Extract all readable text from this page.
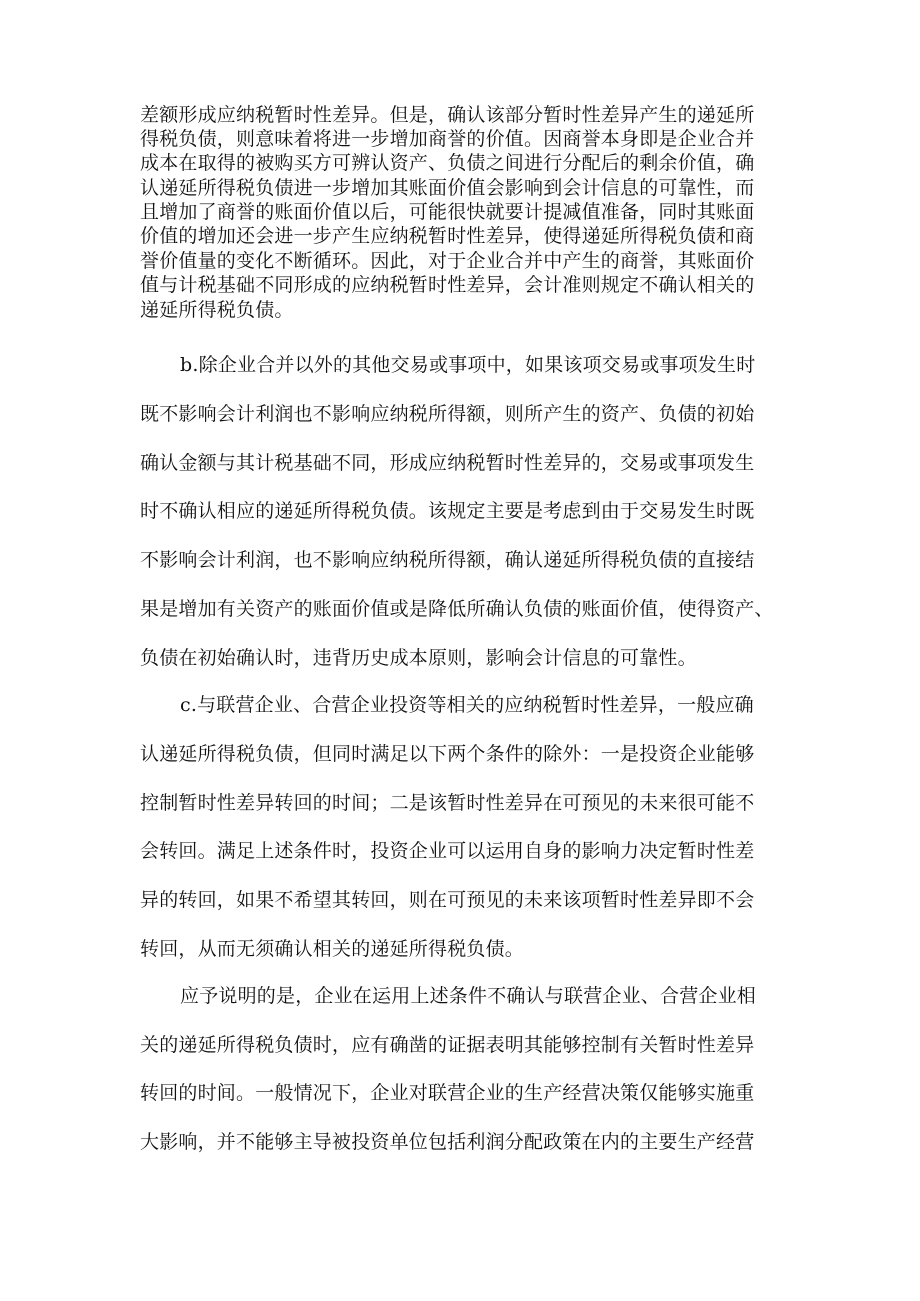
差额形成应纳税暂时性差异。但是，确认该部分暂时性差异产生的递延所
得税负债，则意味着将进一步增加商誉的价值。因商誉本身即是企业合并
成本在取得的被购买方可辨认资产、负债之间进行分配后的剩余价值，确
认递延所得税负债进一步增加其账面价值会影响到会计信息的可靠性，而
且增加了商誉的账面价值以后，可能很快就要计提减值准备，同时其账面
价值的增加还会进一步产生应纳税暂时性差异，使得递延所得税负债和商
誉价值量的变化不断循环。因此，对于企业合并中产生的商誉，其账面价
值与计税基础不同形成的应纳税暂时性差异，会计准则规定不确认相关的
递延所得税负债。
b.除企业合并以外的其他交易或事项中，如果该项交易或事项发生时
既不影响会计利润也不影响应纳税所得额，则所产生的资产、负债的初始
确认金额与其计税基础不同，形成应纳税暂时性差异的，交易或事项发生
时不确认相应的递延所得税负债。该规定主要是考虑到由于交易发生时既
不影响会计利润，也不影响应纳税所得额，确认递延所得税负债的直接结
果是增加有关资产的账面价值或是降低所确认负债的账面价值，使得资产、
负债在初始确认时，违背历史成本原则，影响会计信息的可靠性。
c.与联营企业、合营企业投资等相关的应纳税暂时性差异，一般应确
认递延所得税负债，但同时满足以下两个条件的除外：一是投资企业能够
控制暂时性差异转回的时间；二是该暂时性差异在可预见的未来很可能不
会转回。满足上述条件时，投资企业可以运用自身的影响力决定暂时性差
异的转回，如果不希望其转回，则在可预见的未来该项暂时性差异即不会
转回，从而无须确认相关的递延所得税负债。
应予说明的是，企业在运用上述条件不确认与联营企业、合营企业相
关的递延所得税负债时，应有确凿的证据表明其能够控制有关暂时性差异
转回的时间。一般情况下，企业对联营企业的生产经营决策仅能够实施重
大影响，并不能够主导被投资单位包括利润分配政策在内的主要生产经营
